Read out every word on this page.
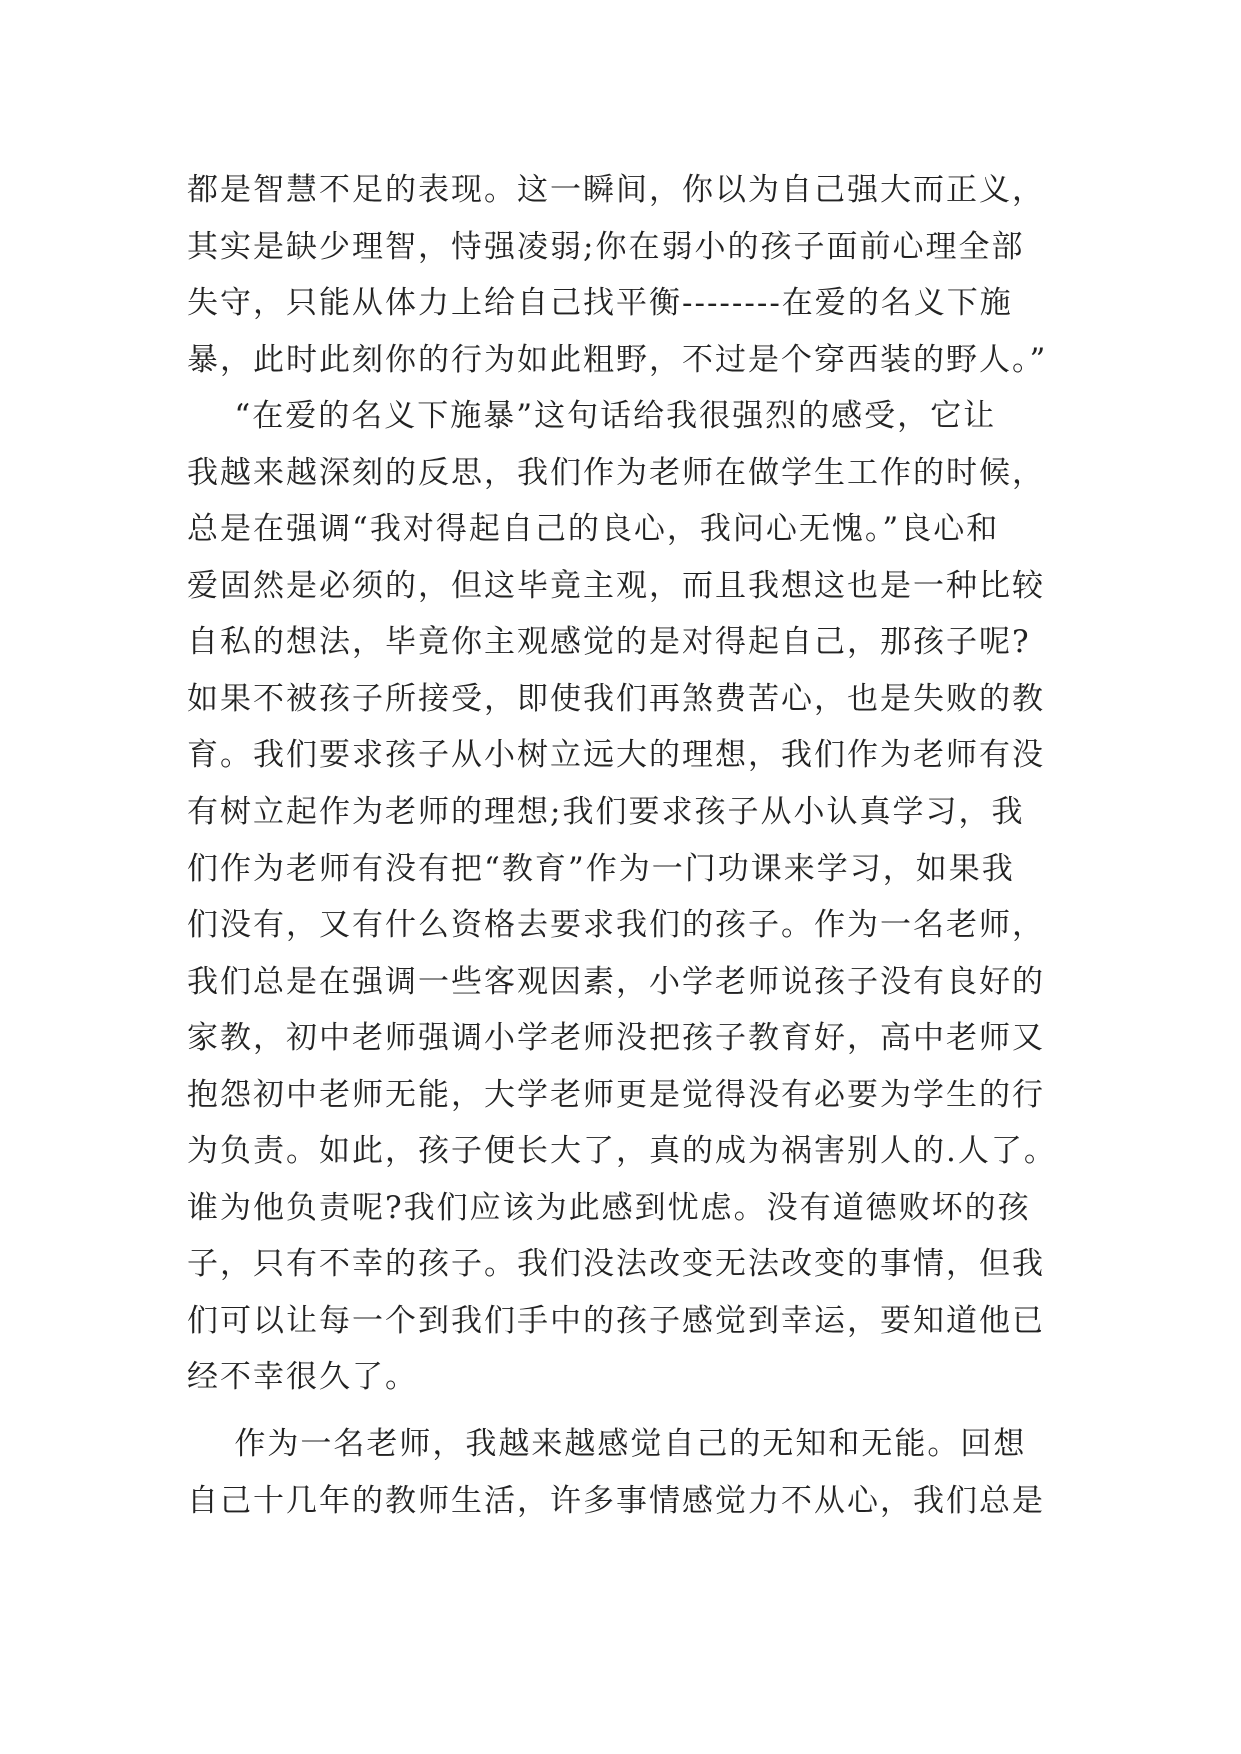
都是智慧不足的表现。这一瞬间，你以为自己强大而正义，
其实是缺少理智，恃强凌弱;你在弱小的孩子面前心理全部
失守，只能从体力上给自己找平衡--------在爱的名义下施
暴，此时此刻你的行为如此粗野，不过是个穿西装的野人。”
“在爱的名义下施暴”这句话给我很强烈的感受，它让
我越来越深刻的反思，我们作为老师在做学生工作的时候，
总是在强调“我对得起自己的良心，我问心无愧。”良心和
爱固然是必须的，但这毕竟主观，而且我想这也是一种比较
自私的想法，毕竟你主观感觉的是对得起自己，那孩子呢?
如果不被孩子所接受，即使我们再煞费苦心，也是失败的教
育。我们要求孩子从小树立远大的理想，我们作为老师有没
有树立起作为老师的理想;我们要求孩子从小认真学习，我
们作为老师有没有把“教育”作为一门功课来学习，如果我
们没有，又有什么资格去要求我们的孩子。作为一名老师，
我们总是在强调一些客观因素，小学老师说孩子没有良好的
家教，初中老师强调小学老师没把孩子教育好，高中老师又
抱怨初中老师无能，大学老师更是觉得没有必要为学生的行
为负责。如此，孩子便长大了，真的成为祸害别人的.人了。
谁为他负责呢?我们应该为此感到忧虑。没有道德败坏的孩
子，只有不幸的孩子。我们没法改变无法改变的事情，但我
们可以让每一个到我们手中的孩子感觉到幸运，要知道他已
经不幸很久了。
作为一名老师，我越来越感觉自己的无知和无能。回想
自己十几年的教师生活，许多事情感觉力不从心，我们总是
